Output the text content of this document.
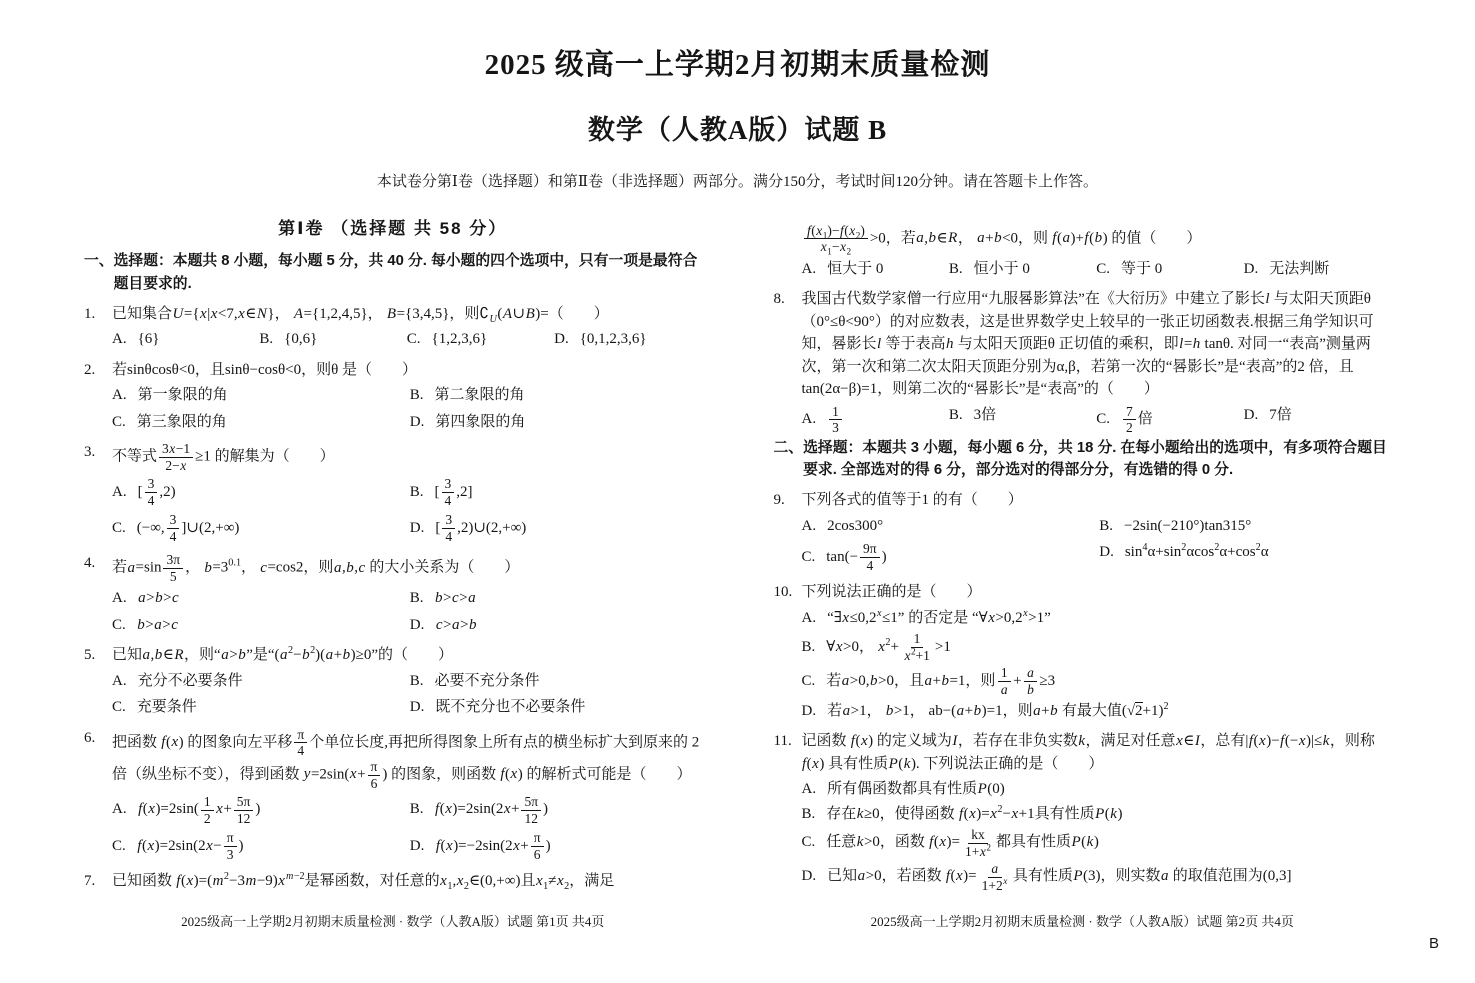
2025 级高一上学期2月初期末质量检测
数学（人教A版）试题 B

本试卷分第Ⅰ卷（选择题）和第Ⅱ卷（非选择题）两部分。满分150分，考试时间120分钟。请在答题卡上作答。

第Ⅰ卷 （选择题 共 58 分）
一、 选择题：本题共 8 小题，每小题 5 分，共 40 分. 每小题的四个选项中，只有一项是最符合题目要求的.
1.	已知集合U={x|x<7,x∈N}， A={1,2,4,5}， B={3,4,5}，则$∁_U(A\cup B)=$（　　）
A. {6}	B. {0,6}	C. {1,2,3,6}	D. {0,1,2,3,6}
2.	若sinθcosθ<0，且sinθ−cosθ<0，则θ 是（　　）
A. 第一象限的角	B. 第二象限的角
C. 第三象限的角	D. 第四象限的角
3.	不等式 $\frac{3x-1}{2-x} \ge 1$ 的解集为（　　）
A. [ $\frac{3}{4} ,2$)	B. [ $\frac{3}{4} ,2$]
C. (−∞, $\frac{3}{4}$ ]∪(2,+∞)	D. [ $\frac{3}{4}$ ,2)∪(2,+∞)
4.	若$a=\sin \frac{3\pi}{5}$ ， $b=3^{0.1}$， c=cos2，则a,b,c 的大小关系为（　　）
A. a>b>c	B. b>c>a
C. b>a>c	D. c>a>b
5.	已知a,b∈R，则“a>b”是“$(a^2-b^2)(a+b)\ge 0$”的（　　）
A. 充分不必要条件	B. 必要不充分条件
C. 充要条件	D. 既不充分也不必要条件
6.	把函数 f(x) 的图象向左平移 $\frac{\pi}{4}$ 个单位长度,再把所得图象上所有点的横坐标扩大到原来的 2 倍（纵坐标不变），得到函数 $y=2\sin(x+ \frac{\pi}{6}$ ) 的图象，则函数 f(x) 的解析式可能是（　　）
A. $f(x)=2\sin( \frac{1}{2} x+ \frac{5\pi}{12}$ )	B. $f(x)=2\sin(2x+ \frac{5\pi}{12}$ )
C. $f(x)=2\sin(2x- \frac{\pi}{3}$ )	D. $f(x)=-2\sin(2x+ \frac{\pi}{6}$ )
7.	已知函数 $f(x)=(m^2-3m-9)x^{m-2}$是幂函数，对任意的$x_1,x_2\in(0,+\infty)$且$x_1\ne x_2$，满足
2025级高一上学期2月初期末质量检测 · 数学（人教A版）试题 第1页 共4页
$\frac{f(x_1)-f(x_2)}{x_1-x_2} >0$，若a,b∈R， a+b<0，则 f(a)+f(b) 的值（　　）
A. 恒大于 0	B. 恒小于 0	C. 等于 0	D. 无法判断
8.	我国古代数学家僧一行应用“九服晷影算法”在《大衍历》中建立了影长l 与太阳天顶距θ（0°≤θ<90°）的对应数表，这是世界数学史上较早的一张正切函数表.根据三角学知识可知，晷影长l 等于表高h 与太阳天顶距θ 正切值的乘积，即l=h tanθ. 对同一“表高”测量两次，第一次和第二次太阳天顶距分别为α,β，若第一次的“晷影长”是“表高”的2 倍，且tan(2α−β)=1，则第二次的“晷影长”是“表高”的（　　）
A. $\frac{1}{3}$	B. 3倍	C. $\frac{7}{2}$ 倍	D. 7倍
二、 选择题：本题共 3 小题，每小题 6 分，共 18 分. 在每小题给出的选项中，有多项符合题目要求. 全部选对的得 6 分，部分选对的得部分分，有选错的得 0 分.
9.	下列各式的值等于1 的有（　　）
A. 2cos300°	B. −2sin(−210°)tan315°
C. $\tan(- \frac{9\pi}{4}$ )	D. $\sin^4\alpha+\sin^2\alpha\cos^2\alpha+\cos^2\alpha$
10. 下列说法正确的是（　　）
A. “$\exists x\le 0,2^x\le 1$” 的否定是 “$\forall x>0,2^x>1$”
B. ∀x>0， $x^2+ \frac{1}{x^2+1} >1$
C. 若a>0,b>0，且a+b=1，则 $\frac{1}{a} + \frac{a}{b} \ge 3$
D. 若a>1， b>1， ab−(a+b)=1，则a+b 有最大值$(√2+1)^2$
11. 记函数 f(x) 的定义域为I，若存在非负实数k，满足对任意x∈I，总有|f(x)−f(−x)|≤k，则称 f(x) 具有性质P(k). 下列说法正确的是（　　）
A. 所有偶函数都具有性质P(0)
B. 存在k≥0，使得函数 $f(x)=x^2-x+1$具有性质P(k)
C. 任意k>0，函数 $f(x)= \frac{kx}{1+x^2}$ 都具有性质P(k)
D. 已知a>0，若函数 $f(x)= \frac{a}{1+2^x}$ 具有性质P(3)，则实数a 的取值范围为(0,3]
2025级高一上学期2月初期末质量检测 · 数学（人教A版）试题 第2页 共4页
B
